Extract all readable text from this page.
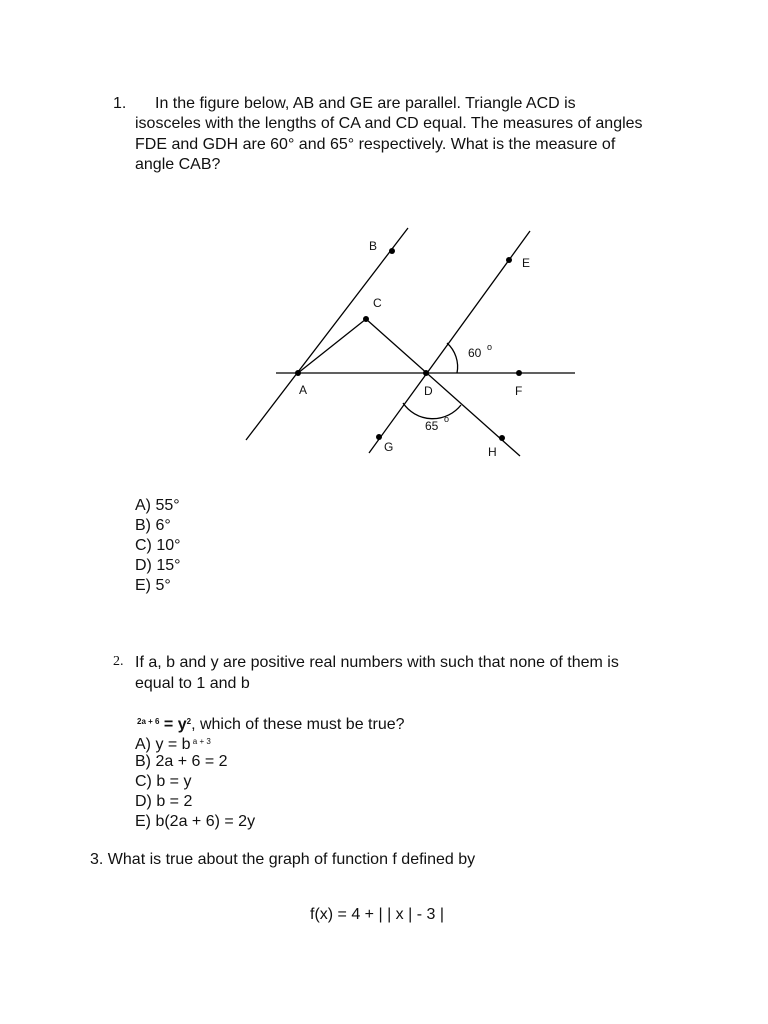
1. In the figure below, AB and GE are parallel. Triangle ACD is
isosceles with the lengths of CA and CD equal. The measures of angles
FDE and GDH are 60° and 65° respectively. What is the measure of
angle CAB?
B
E
C
A	D	F
G	H
60 o
65 o
A) 55°
B) 6°
C) 10°
D) 15°
E) 5°
2. If a, b and y are positive real numbers with such that none of them is
equal to 1 and b
$^{2a + 6} = y^2$, which of these must be true?
A) y = b $^{a + 3}$
B) 2a + 6 = 2
C) b = y
D) b = 2
E) b(2a + 6) = 2y
3. What is true about the graph of function f defined by
f(x) = 4 + | | x | - 3 |
